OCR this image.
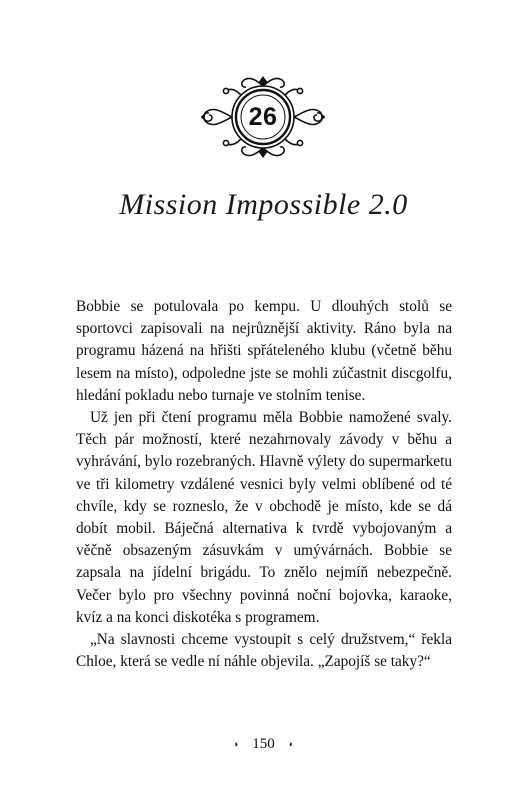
26
Mission Impossible 2.0

Bobbie se potulovala po kempu. U dlouhých stolů se sportovci zapisovali na nejrůznější aktivity. Ráno byla na programu házená na hřišti spřáteleného klubu (včetně běhu lesem na místo), odpoledne jste se mohli zúčastnit discgolfu, hledání pokladu nebo turnaje ve stolním tenise.

Už jen při čtení programu měla Bobbie namožené svaly. Těch pár možností, které nezahrnovaly závody v běhu a vyhrávání, bylo rozebraných. Hlavně výlety do supermarketu ve tři kilometry vzdálené vesnici byly velmi oblíbené od té chvíle, kdy se rozneslo, že v obchodě je místo, kde se dá dobít mobil. Báječná alternativa k tvrdě vybojovaným a věčně obsazeným zásuvkám v umývárnách. Bobbie se zapsala na jídelní brigádu. To znělo nejmíň nebezpečně. Večer bylo pro všechny povinná noční bojovka, karaoke, kvíz a na konci diskotéka s programem.

„Na slavnosti chceme vystoupit s celý družstvem,“ řekla Chloe, která se vedle ní náhle objevila. „Zapojíš se taky?“

◑ 150 ◐
